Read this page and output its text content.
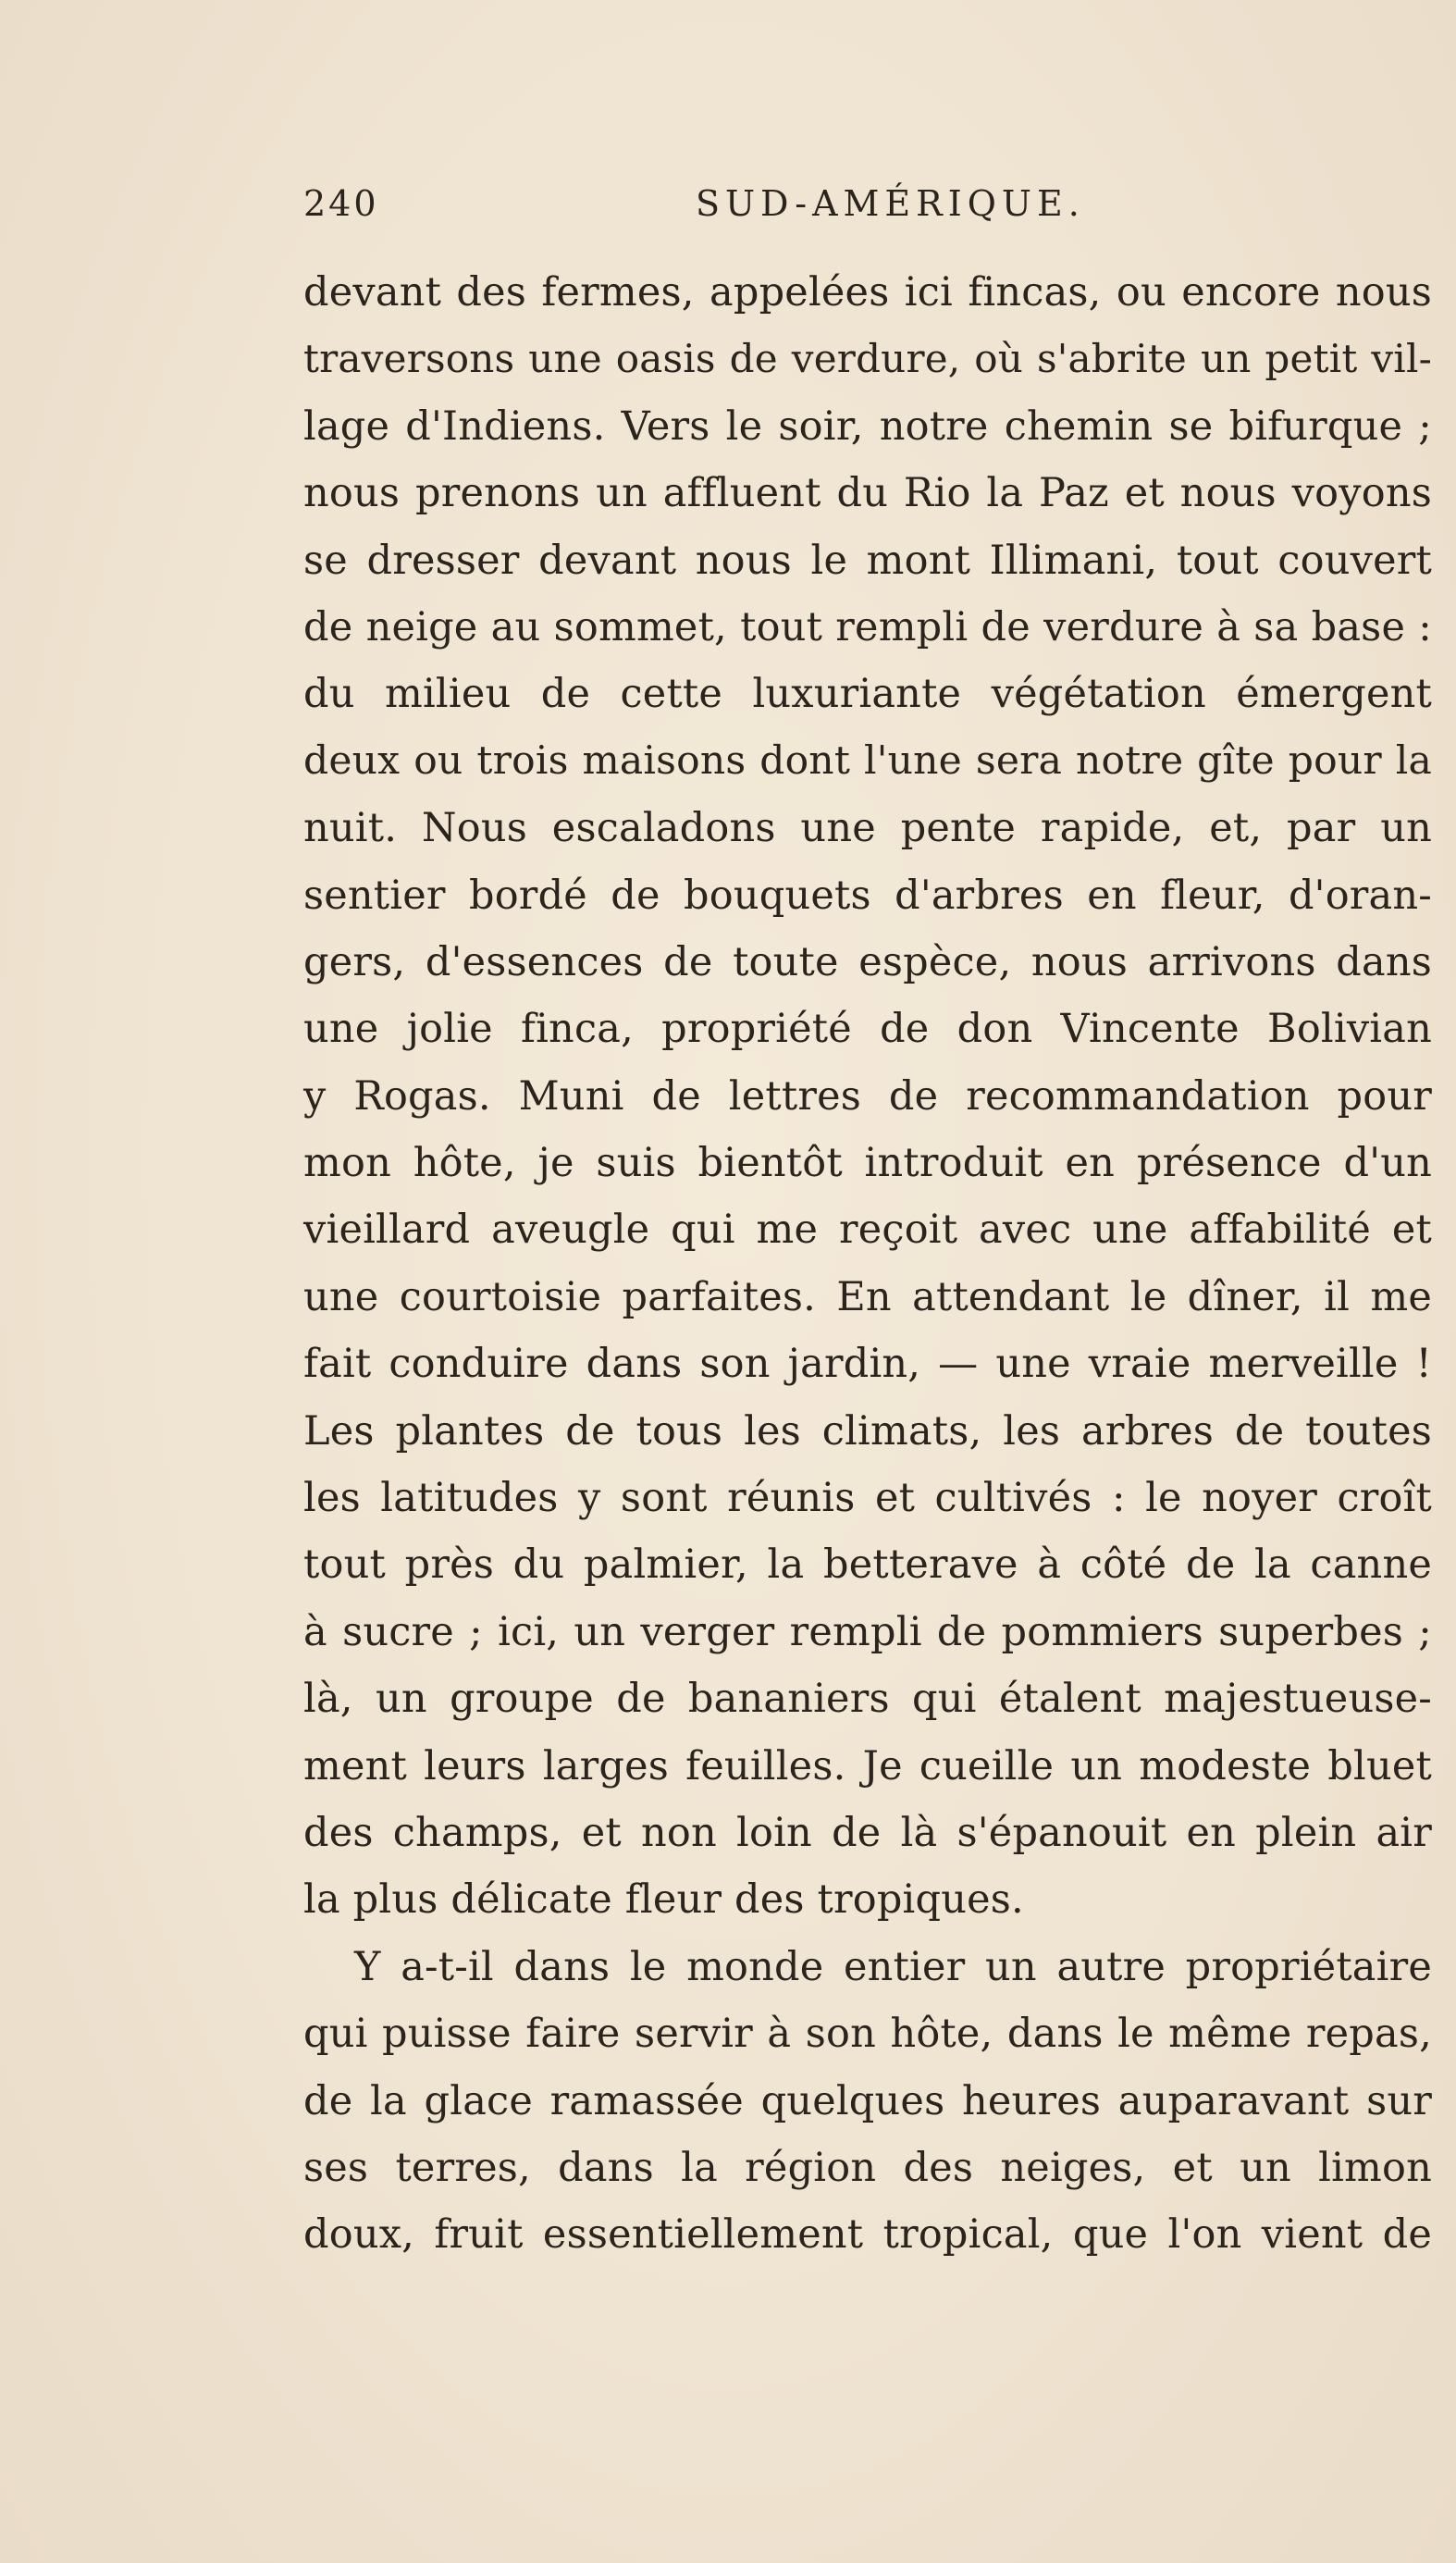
240	SUD-AMÉRIQUE.
devant des fermes, appelées ici fincas, ou encore nous
traversons une oasis de verdure, où s'abrite un petit vil-
lage d'Indiens. Vers le soir, notre chemin se bifurque ;
nous prenons un affluent du Rio la Paz et nous voyons
se dresser devant nous le mont Illimani, tout couvert
de neige au sommet, tout rempli de verdure à sa base :
du milieu de cette luxuriante végétation émergent
deux ou trois maisons dont l'une sera notre gîte pour la
nuit. Nous escaladons une pente rapide, et, par un
sentier bordé de bouquets d'arbres en fleur, d'oran-
gers, d'essences de toute espèce, nous arrivons dans
une jolie finca, propriété de don Vincente Bolivian
y Rogas. Muni de lettres de recommandation pour
mon hôte, je suis bientôt introduit en présence d'un
vieillard aveugle qui me reçoit avec une affabilité et
une courtoisie parfaites. En attendant le dîner, il me
fait conduire dans son jardin, — une vraie merveille !
Les plantes de tous les climats, les arbres de toutes
les latitudes y sont réunis et cultivés : le noyer croît
tout près du palmier, la betterave à côté de la canne
à sucre ; ici, un verger rempli de pommiers superbes ;
là, un groupe de bananiers qui étalent majestueuse-
ment leurs larges feuilles. Je cueille un modeste bluet
des champs, et non loin de là s'épanouit en plein air
la plus délicate fleur des tropiques.
Y a-t-il dans le monde entier un autre propriétaire
qui puisse faire servir à son hôte, dans le même repas,
de la glace ramassée quelques heures auparavant sur
ses terres, dans la région des neiges, et un limon
doux, fruit essentiellement tropical, que l'on vient de
